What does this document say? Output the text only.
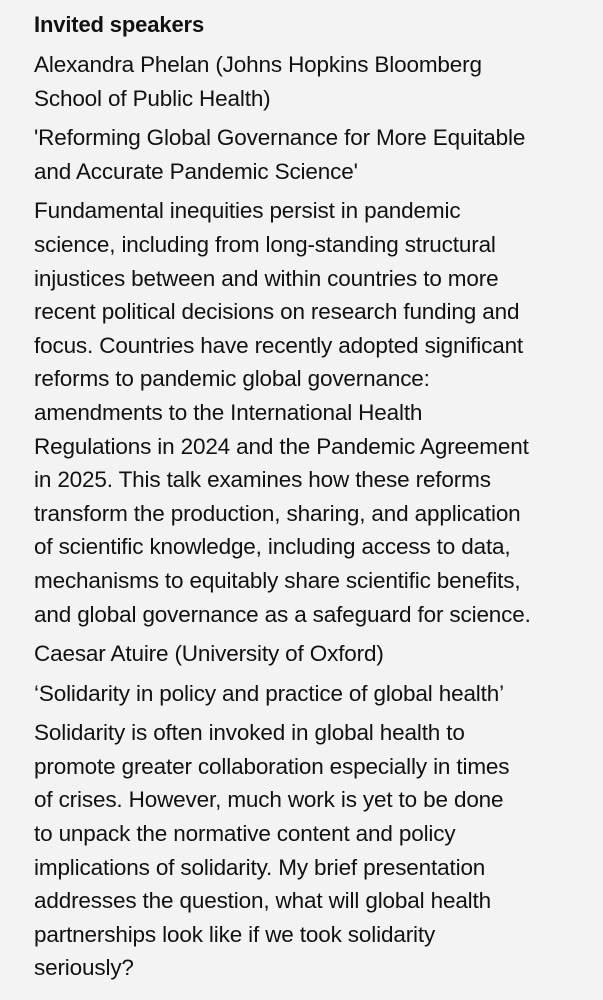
Invited speakers
Alexandra Phelan (Johns Hopkins Bloomberg
School of Public Health)
'Reforming Global Governance for More Equitable
and Accurate Pandemic Science'
Fundamental inequities persist in pandemic
science, including from long-standing structural
injustices between and within countries to more
recent political decisions on research funding and
focus. Countries have recently adopted significant
reforms to pandemic global governance:
amendments to the International Health
Regulations in 2024 and the Pandemic Agreement
in 2025. This talk examines how these reforms
transform the production, sharing, and application
of scientific knowledge, including access to data,
mechanisms to equitably share scientific benefits,
and global governance as a safeguard for science.
Caesar Atuire (University of Oxford)
‘Solidarity in policy and practice of global health’
Solidarity is often invoked in global health to
promote greater collaboration especially in times
of crises. However, much work is yet to be done
to unpack the normative content and policy
implications of solidarity. My brief presentation
addresses the question, what will global health
partnerships look like if we took solidarity
seriously?
